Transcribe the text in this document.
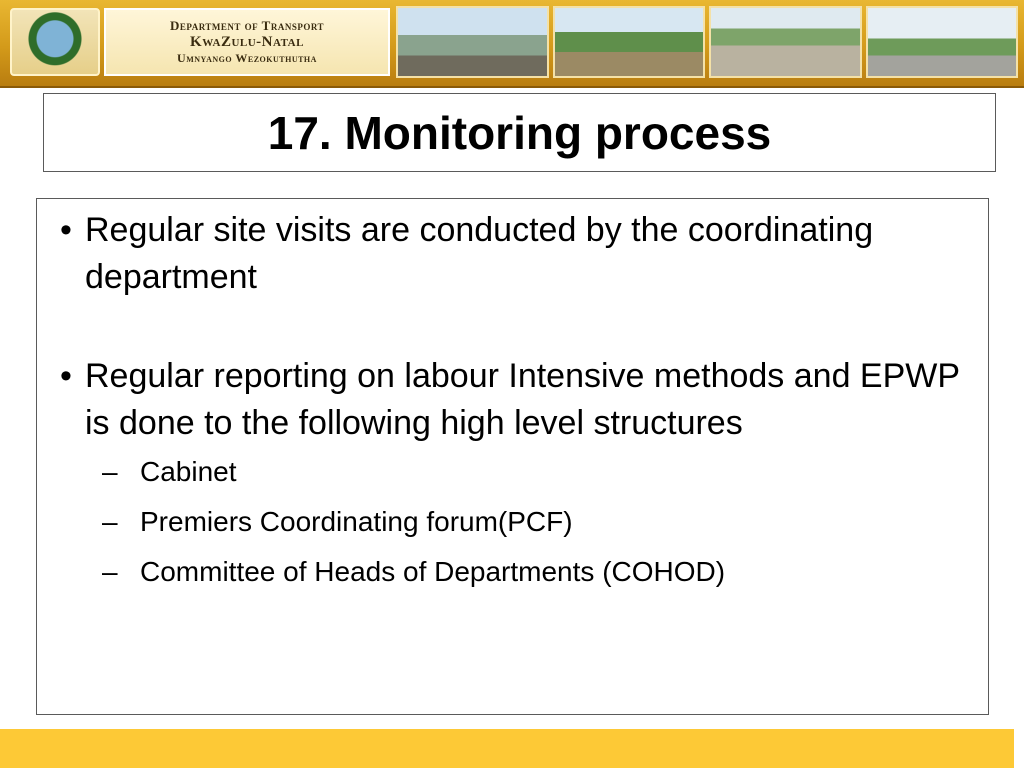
Department of Transport
KwaZulu-Natal
Umnyango Wezokuthutha
17. Monitoring process
• Regular site visits are conducted by the coordinating department
• Regular reporting on labour Intensive methods and EPWP is done to the following high level structures
– Cabinet
– Premiers Coordinating forum(PCF)
– Committee of Heads of Departments (COHOD)
